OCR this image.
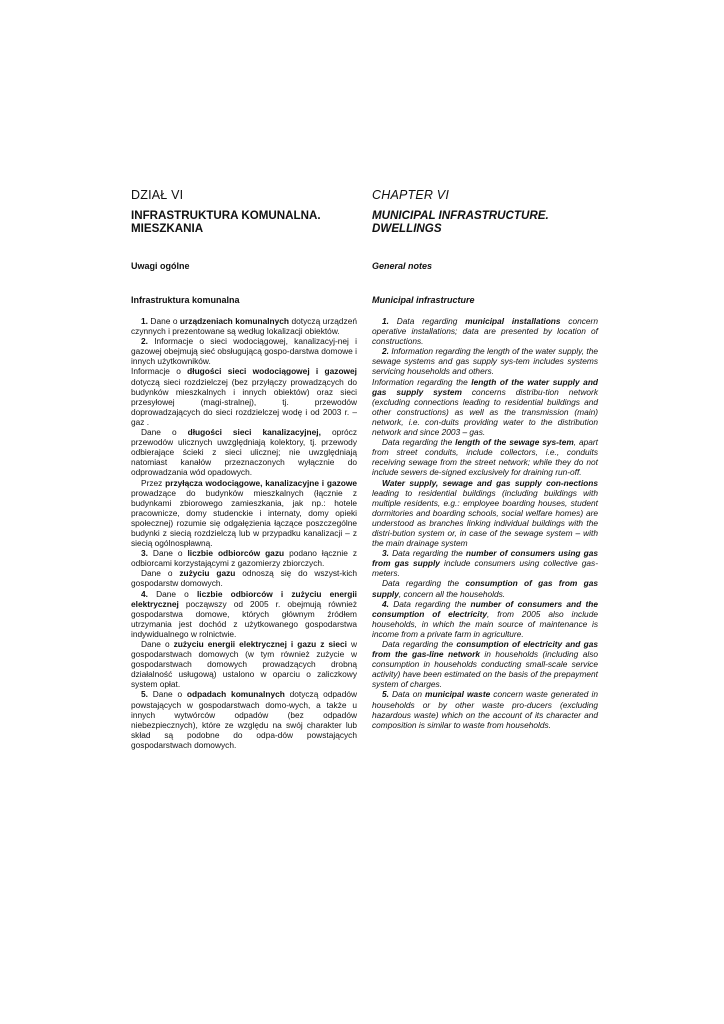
DZIAŁ VI

INFRASTRUKTURA KOMUNALNA.
MIESZKANIA

Uwagi ogólne

Infrastruktura komunalna

1. Dane o urządzeniach komunalnych dotyczą urządzeń czynnych i prezentowane są według lokalizacji obiektów.

2. Informacje o sieci wodociągowej, kanalizacyj-nej i gazowej obejmują sieć obsługującą gospo-darstwa domowe i innych użytkowników.

Informacje o długości sieci wodociągowej i gazowej dotyczą sieci rozdzielczej (bez przyłączy prowadzących do budynków mieszkalnych i innych obiektów) oraz sieci przesyłowej (magi-stralnej), tj. przewodów doprowadzających do sieci rozdzielczej wodę i od 2003 r. – gaz .

Dane o długości sieci kanalizacyjnej, oprócz przewodów ulicznych uwzględniają kolektory, tj. przewody odbierające ścieki z sieci ulicznej; nie uwzględniają natomiast kanałów przeznaczonych wyłącznie do odprowadzania wód opadowych.

Przez przyłącza wodociągowe, kanalizacyjne i gazowe prowadzące do budynków mieszkalnych (łącznie z budynkami zbiorowego zamieszkania, jak np.: hotele pracownicze, domy studenckie i internaty, domy opieki społecznej) rozumie się odgałęzienia łączące poszczególne budynki z siecią rozdzielczą lub w przypadku kanalizacji – z siecią ogólnospławną.

3. Dane o liczbie odbiorców gazu podano łącznie z odbiorcami korzystającymi z gazomierzy zbiorczych.

Dane o zużyciu gazu odnoszą się do wszyst-kich gospodarstw domowych.

4. Dane o liczbie odbiorców i zużyciu energii elektrycznej począwszy od 2005 r. obejmują również gospodarstwa domowe, których głównym źródłem utrzymania jest dochód z użytkowanego gospodarstwa indywidualnego w rolnictwie.

Dane o zużyciu energii elektrycznej i gazu z sieci w gospodarstwach domowych (w tym również zużycie w gospodarstwach domowych prowadzących drobną działalność usługową) ustalono w oparciu o zaliczkowy system opłat.

5. Dane o odpadach komunalnych dotyczą odpadów powstających w gospodarstwach domo-wych, a także u innych wytwórców odpadów (bez odpadów niebezpiecznych), które ze względu na swój charakter lub skład są podobne do odpa-dów powstających gospodarstwach domowych.

CHAPTER VI

MUNICIPAL INFRASTRUCTURE.
DWELLINGS

General notes

Municipal infrastructure

1. Data regarding municipal installations concern operative installations; data are presented by location of constructions.

2. Information regarding the length of the water supply, the sewage systems and gas supply sys-tem includes systems servicing households and others.

Information regarding the length of the water supply and gas supply system concerns distribu-tion network (excluding connections leading to residential buildings and other constructions) as well as the transmission (main) network, i.e. con-duits providing water to the distribution network and since 2003 – gas.

Data regarding the length of the sewage sys-tem, apart from street conduits, include collectors, i.e., conduits receiving sewage from the street network; while they do not include sewers de-signed exclusively for draining run-off.

Water supply, sewage and gas supply con-nections leading to residential buildings (including buildings with multiple residents, e.g.: employee boarding houses, student dormitories and boarding schools, social welfare homes) are understood as branches linking individual buildings with the distri-bution system or, in case of the sewage system – with the main drainage system

3. Data regarding the number of consumers using gas from gas supply include consumers using collective gas-meters.

Data regarding the consumption of gas from gas supply, concern all the households.

4. Data regarding the number of consumers and the consumption of electricity, from 2005 also include households, in which the main source of maintenance is income from a private farm in agriculture.

Data regarding the consumption of electricity and gas from the gas-line network in households (including also consumption in households conducting small-scale service activity) have been estimated on the basis of the prepayment system of charges.

5. Data on municipal waste concern waste generated in households or by other waste pro-ducers (excluding hazardous waste) which on the account of its character and composition is similar to waste from households.
